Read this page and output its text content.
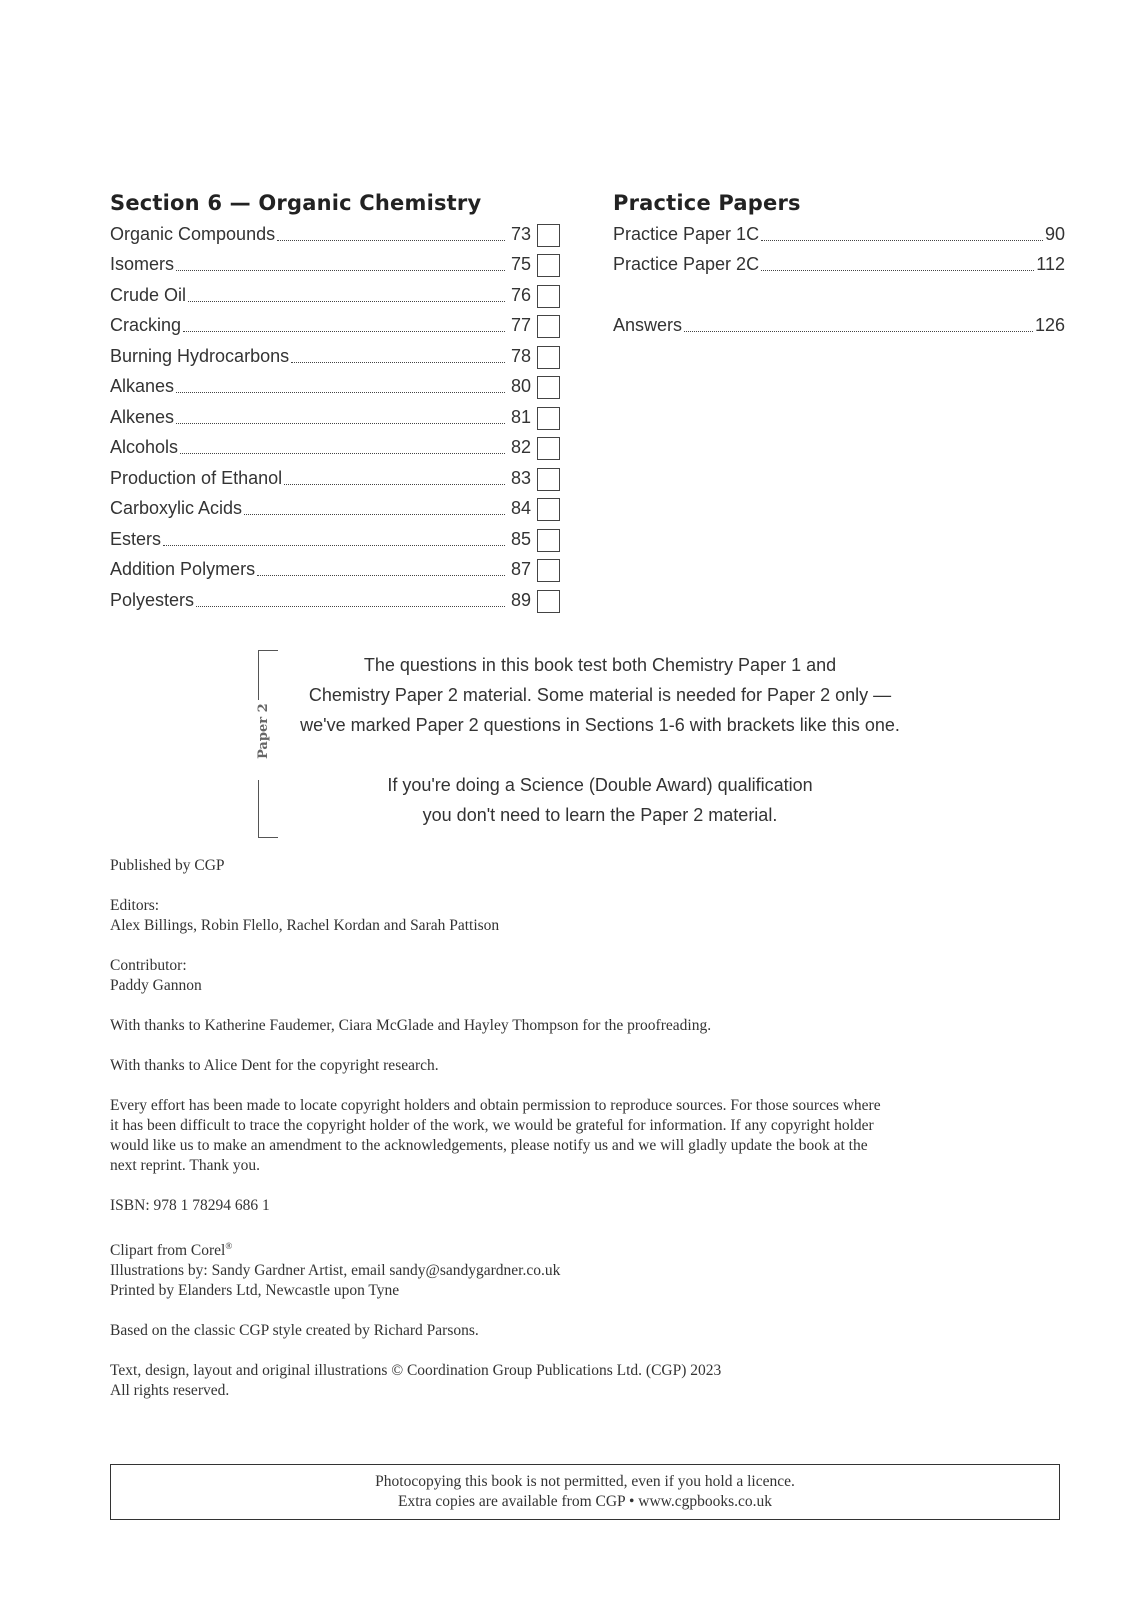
Section 6 — Organic Chemistry
Organic Compounds	73
Isomers	75
Crude Oil	76
Cracking	77
Burning Hydrocarbons	78
Alkanes	80
Alkenes	81
Alcohols	82
Production of Ethanol	83
Carboxylic Acids	84
Esters	85
Addition Polymers	87
Polyesters	89
Practice Papers
Practice Paper 1C	90
Practice Paper 2C	112
Answers	126
Paper 2

The questions in this book test both Chemistry Paper 1 and

Chemistry Paper 2 material. Some material is needed for Paper 2 only —

we've marked Paper 2 questions in Sections 1-6 with brackets like this one.

If you're doing a Science (Double Award) qualification

you don't need to learn the Paper 2 material.

Published by CGP

Editors:
Alex Billings, Robin Flello, Rachel Kordan and Sarah Pattison

Contributor:
Paddy Gannon

With thanks to Katherine Faudemer, Ciara McGlade and Hayley Thompson for the proofreading.

With thanks to Alice Dent for the copyright research.

Every effort has been made to locate copyright holders and obtain permission to reproduce sources. For those sources where
it has been difficult to trace the copyright holder of the work, we would be grateful for information. If any copyright holder
would like us to make an amendment to the acknowledgements, please notify us and we will gladly update the book at the
next reprint. Thank you.

ISBN: 978 1 78294 686 1

Clipart from Corel®
Illustrations by: Sandy Gardner Artist, email sandy@sandygardner.co.uk
Printed by Elanders Ltd, Newcastle upon Tyne

Based on the classic CGP style created by Richard Parsons.

Text, design, layout and original illustrations © Coordination Group Publications Ltd. (CGP) 2023
All rights reserved.

Photocopying this book is not permitted, even if you hold a licence.
Extra copies are available from CGP • www.cgpbooks.co.uk
